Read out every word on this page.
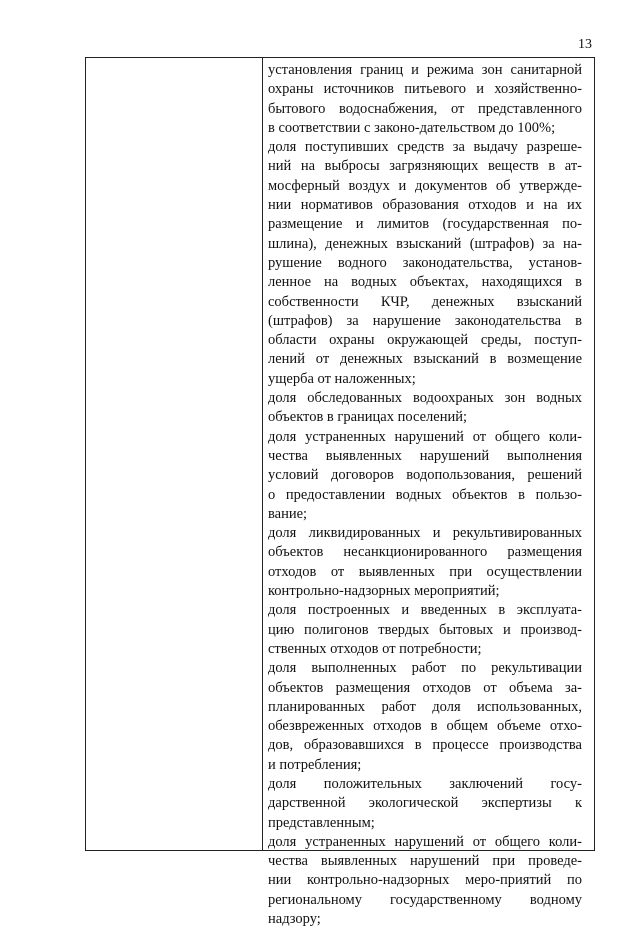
13
установления границ и режима зон санитарной
охраны источников питьевого и хозяйственно-
бытового водоснабжения, от представленного
в соответствии с законо-дательством до 100%;
доля поступивших средств за выдачу разреше-
ний на выбросы загрязняющих веществ в ат-
мосферный воздух и документов об утвержде-
нии нормативов образования отходов и на их
размещение и лимитов (государственная по-
шлина), денежных взысканий (штрафов) за на-
рушение водного законодательства, установ-
ленное на водных объектах, находящихся в
собственности КЧР, денежных взысканий
(штрафов) за нарушение законодательства в
области охраны окружающей среды, поступ-
лений от денежных взысканий в возмещение
ущерба от наложенных;
доля обследованных водоохраных зон водных
объектов в границах поселений;
доля устраненных нарушений от общего коли-
чества выявленных нарушений выполнения
условий договоров водопользования, решений
о предоставлении водных объектов в пользо-
вание;
доля ликвидированных и рекультивированных
объектов несанкционированного размещения
отходов от выявленных при осуществлении
контрольно-надзорных мероприятий;
доля построенных и введенных в эксплуата-
цию полигонов твердых бытовых и производ-
ственных отходов от потребности;
доля выполненных работ по рекультивации
объектов размещения отходов от объема за-
планированных работ доля использованных,
обезвреженных отходов в общем объеме отхо-
дов, образовавшихся в процессе производства
и потребления;
доля положительных заключений госу-
дарственной экологической экспертизы к
представленным;
доля устраненных нарушений от общего коли-
чества выявленных нарушений при проведе-
нии контрольно-надзорных меро-приятий по
региональному государственному водному
надзору;
